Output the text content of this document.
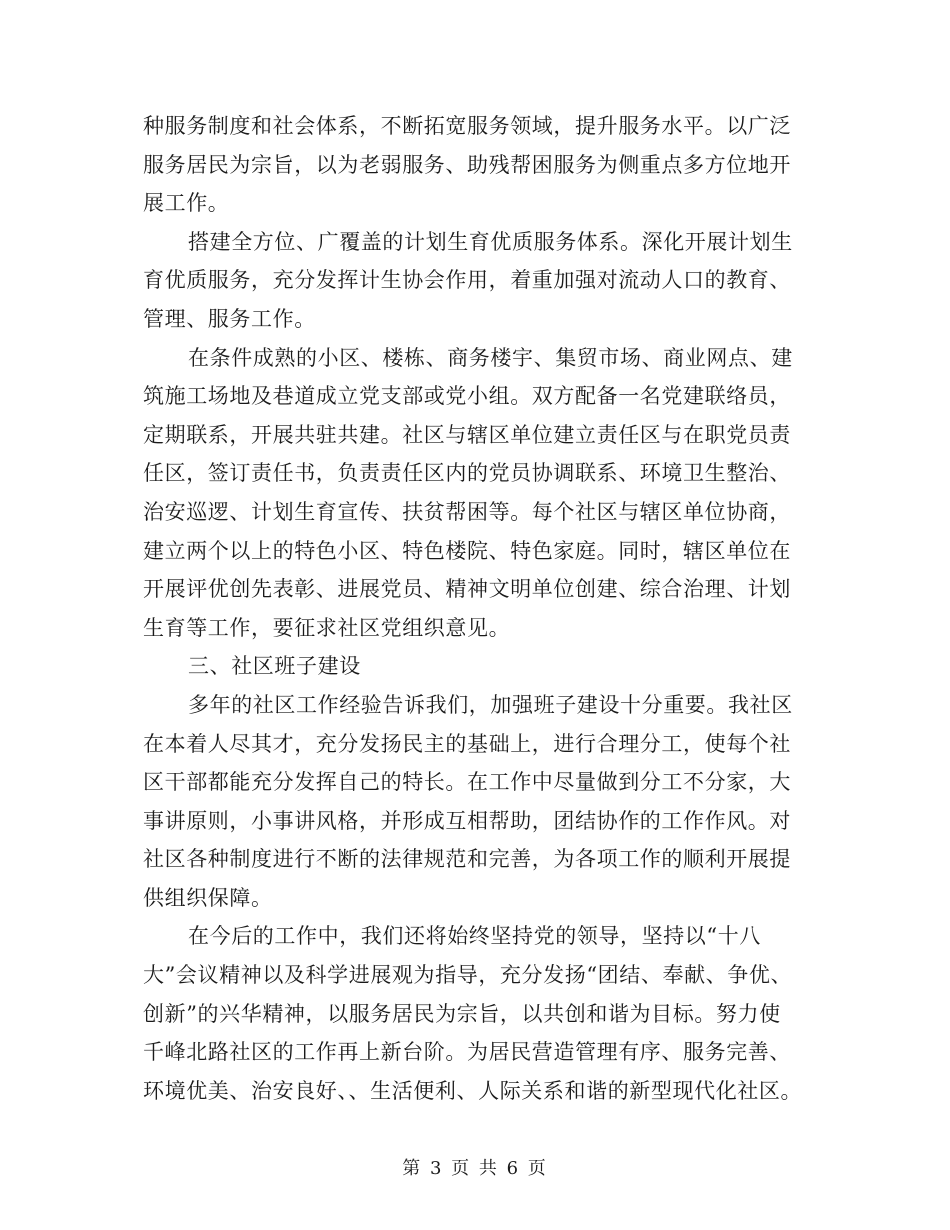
种服务制度和社会体系，不断拓宽服务领域，提升服务水平。以广泛
服务居民为宗旨，以为老弱服务、助残帮困服务为侧重点多方位地开
展工作。
搭建全方位、广覆盖的计划生育优质服务体系。深化开展计划生
育优质服务，充分发挥计生协会作用，着重加强对流动人口的教育、
管理、服务工作。
在条件成熟的小区、楼栋、商务楼宇、集贸市场、商业网点、建
筑施工场地及巷道成立党支部或党小组。双方配备一名党建联络员，
定期联系，开展共驻共建。社区与辖区单位建立责任区与在职党员责
任区，签订责任书，负责责任区内的党员协调联系、环境卫生整治、
治安巡逻、计划生育宣传、扶贫帮困等。每个社区与辖区单位协商，
建立两个以上的特色小区、特色楼院、特色家庭。同时，辖区单位在
开展评优创先表彰、进展党员、精神文明单位创建、综合治理、计划
生育等工作，要征求社区党组织意见。
三、社区班子建设
多年的社区工作经验告诉我们，加强班子建设十分重要。我社区
在本着人尽其才，充分发扬民主的基础上，进行合理分工，使每个社
区干部都能充分发挥自己的特长。在工作中尽量做到分工不分家，大
事讲原则，小事讲风格，并形成互相帮助，团结协作的工作作风。对
社区各种制度进行不断的法律规范和完善，为各项工作的顺利开展提
供组织保障。
在今后的工作中，我们还将始终坚持党的领导，坚持以“十八
大”会议精神以及科学进展观为指导，充分发扬“团结、奉献、争优、
创新”的兴华精神，以服务居民为宗旨，以共创和谐为目标。努力使
千峰北路社区的工作再上新台阶。为居民营造管理有序、服务完善、
环境优美、治安良好、、生活便利、人际关系和谐的新型现代化社区。
第 3 页 共 6 页
